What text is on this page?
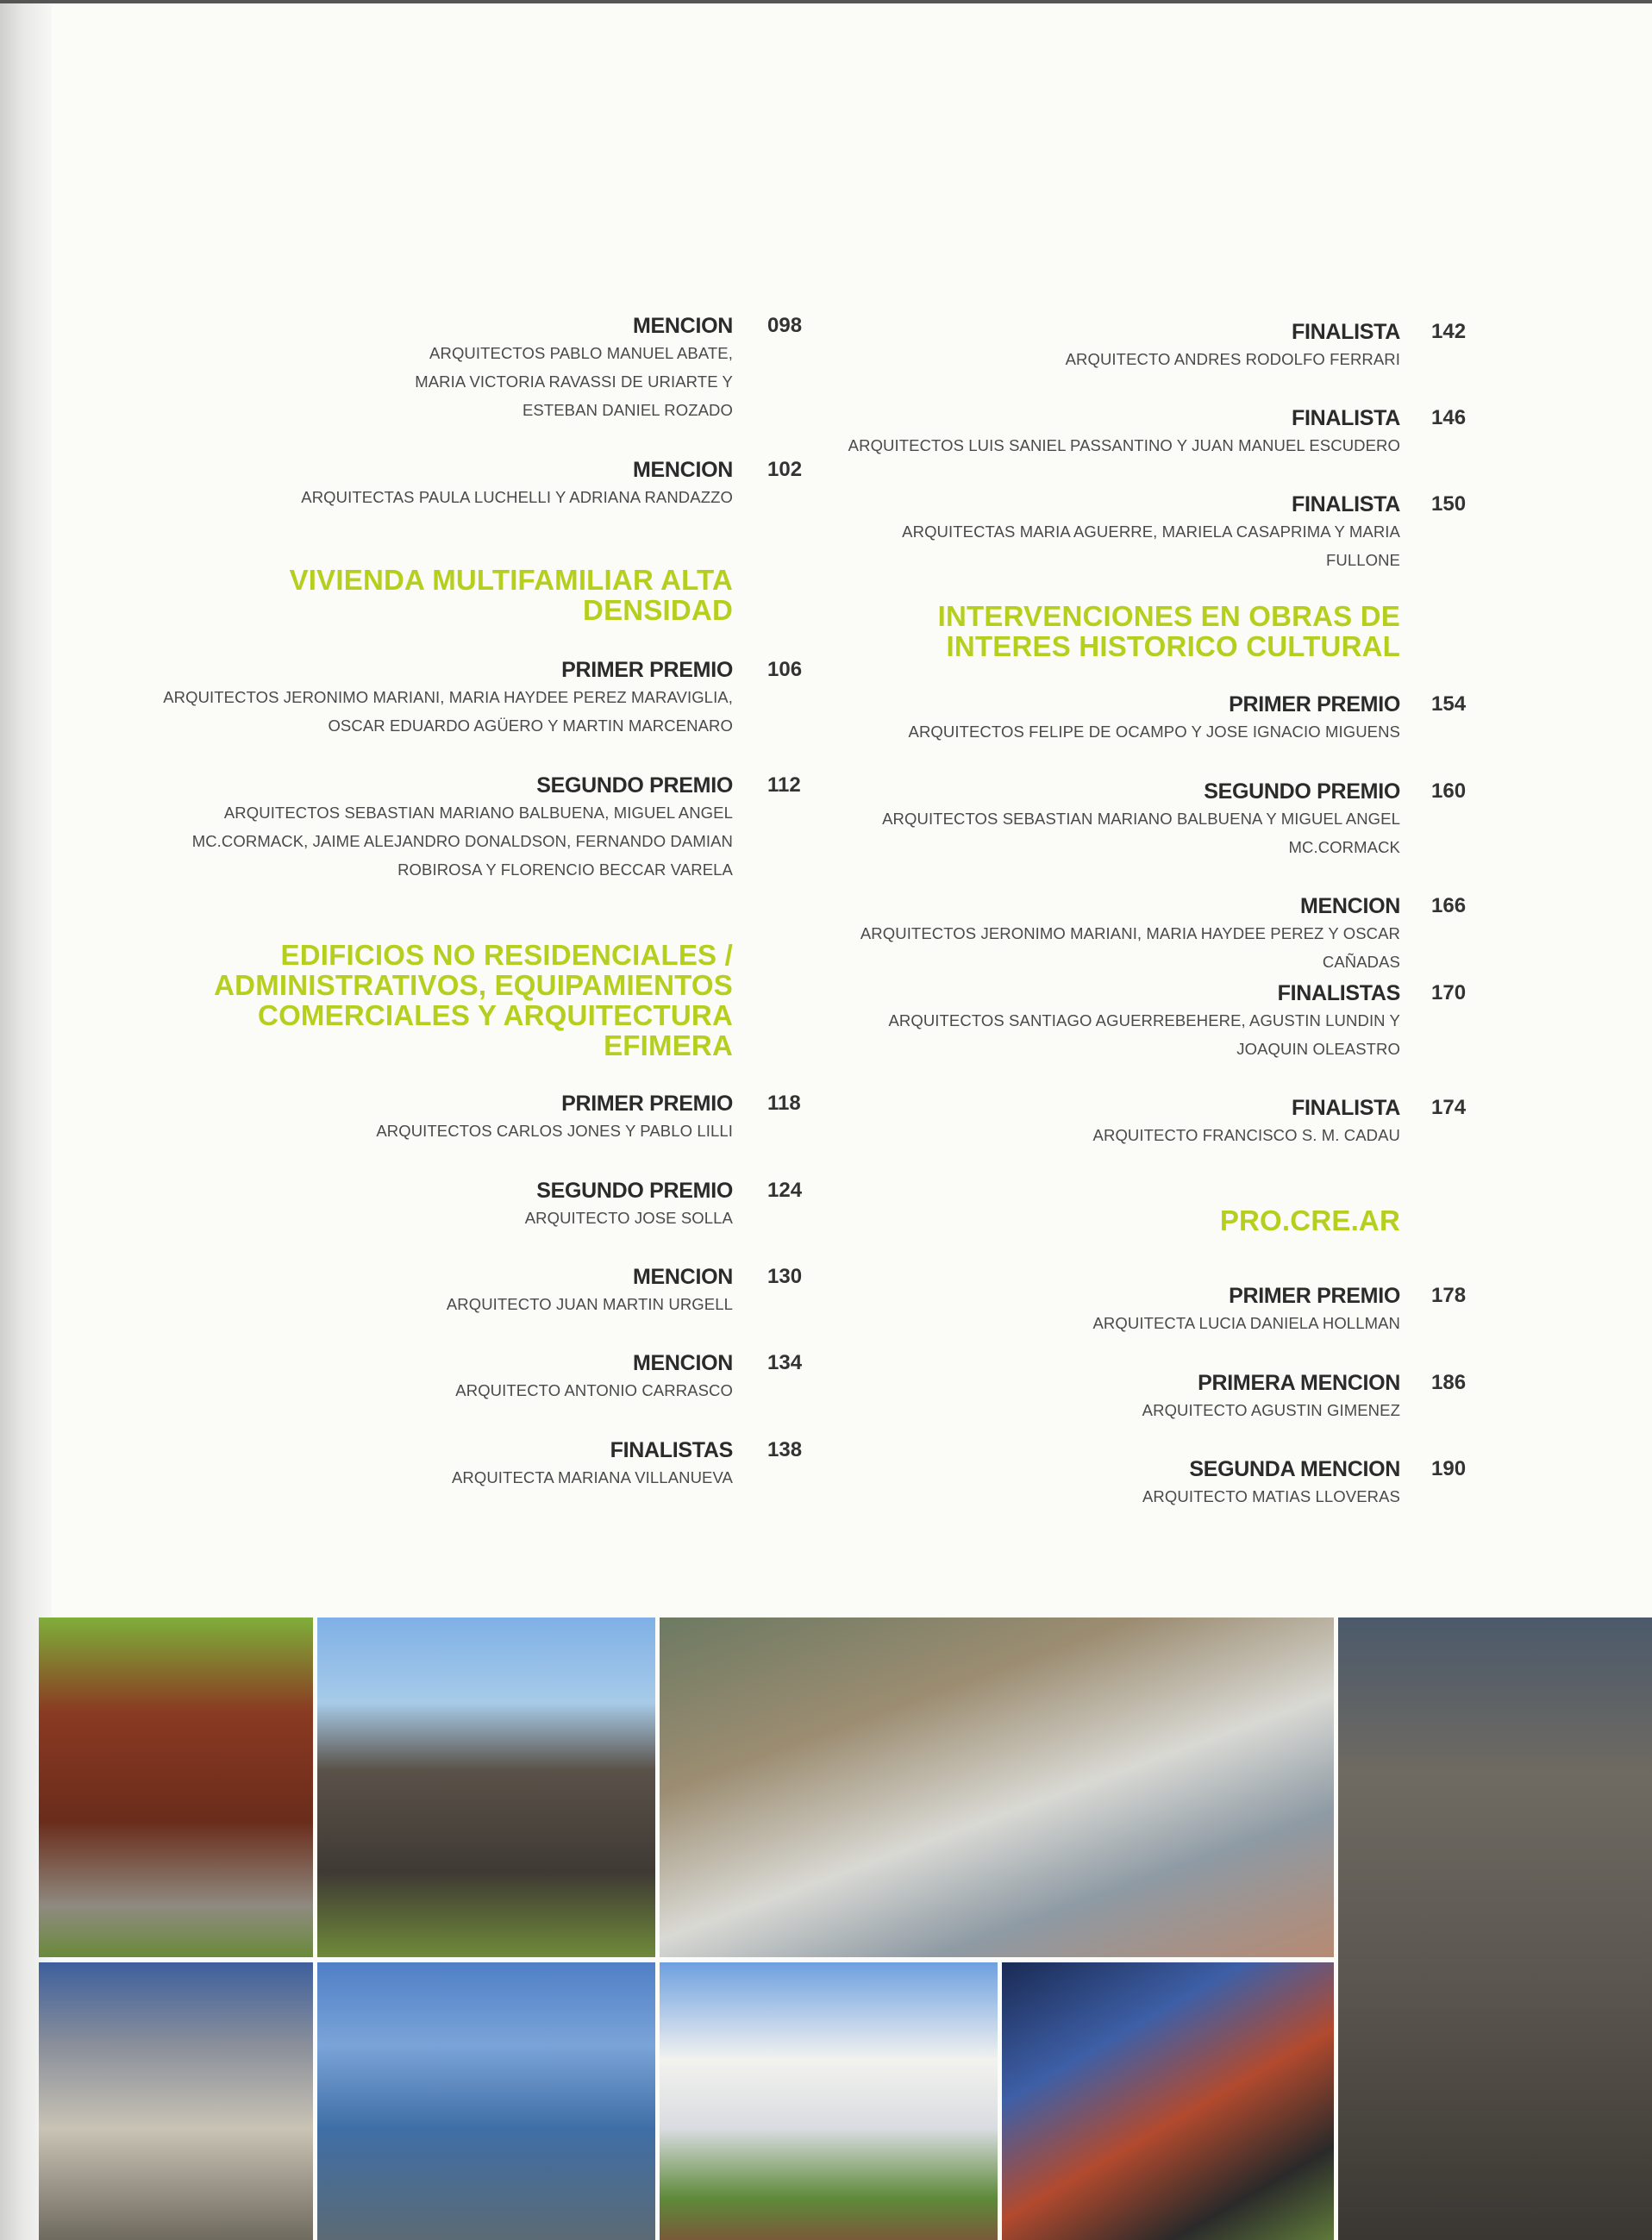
MENCION
ARQUITECTOS PABLO MANUEL ABATE,
MARIA VICTORIA RAVASSI DE URIARTE Y
ESTEBAN DANIEL ROZADO
098
MENCION
ARQUITECTAS PAULA LUCHELLI Y ADRIANA RANDAZZO
102
VIVIENDA MULTIFAMILIAR ALTA
DENSIDAD
PRIMER PREMIO
ARQUITECTOS JERONIMO MARIANI, MARIA HAYDEE PEREZ MARAVIGLIA,
OSCAR EDUARDO AGÜERO Y MARTIN MARCENARO
106
SEGUNDO PREMIO
ARQUITECTOS SEBASTIAN MARIANO BALBUENA, MIGUEL ANGEL
MC.CORMACK, JAIME ALEJANDRO DONALDSON, FERNANDO DAMIAN
ROBIROSA Y FLORENCIO BECCAR VARELA
112
EDIFICIOS NO RESIDENCIALES /
ADMINISTRATIVOS, EQUIPAMIENTOS
COMERCIALES Y ARQUITECTURA
EFIMERA
PRIMER PREMIO
ARQUITECTOS CARLOS JONES Y PABLO LILLI
118
SEGUNDO PREMIO
ARQUITECTO JOSE SOLLA
124
MENCION
ARQUITECTO JUAN MARTIN URGELL
130
MENCION
ARQUITECTO ANTONIO CARRASCO
134
FINALISTAS
ARQUITECTA MARIANA VILLANUEVA
138
FINALISTA
ARQUITECTO ANDRES RODOLFO FERRARI
142
FINALISTA
ARQUITECTOS LUIS SANIEL PASSANTINO Y JUAN MANUEL ESCUDERO
146
FINALISTA
ARQUITECTAS MARIA AGUERRE, MARIELA CASAPRIMA Y MARIA FULLONE
150
INTERVENCIONES EN OBRAS DE
INTERES HISTORICO CULTURAL
PRIMER PREMIO
ARQUITECTOS FELIPE DE OCAMPO Y JOSE IGNACIO MIGUENS
154
SEGUNDO PREMIO
ARQUITECTOS SEBASTIAN MARIANO BALBUENA Y MIGUEL ANGEL
MC.CORMACK
160
MENCION
ARQUITECTOS JERONIMO MARIANI, MARIA HAYDEE PEREZ Y OSCAR CAÑADAS
166
FINALISTAS
ARQUITECTOS SANTIAGO AGUERREBEHERE, AGUSTIN LUNDIN Y
JOAQUIN OLEASTRO
170
FINALISTA
ARQUITECTO FRANCISCO S. M. CADAU
174
PRO.CRE.AR
PRIMER PREMIO
ARQUITECTA LUCIA DANIELA HOLLMAN
178
PRIMERA MENCION
ARQUITECTO AGUSTIN GIMENEZ
186
SEGUNDA MENCION
ARQUITECTO MATIAS LLOVERAS
190
